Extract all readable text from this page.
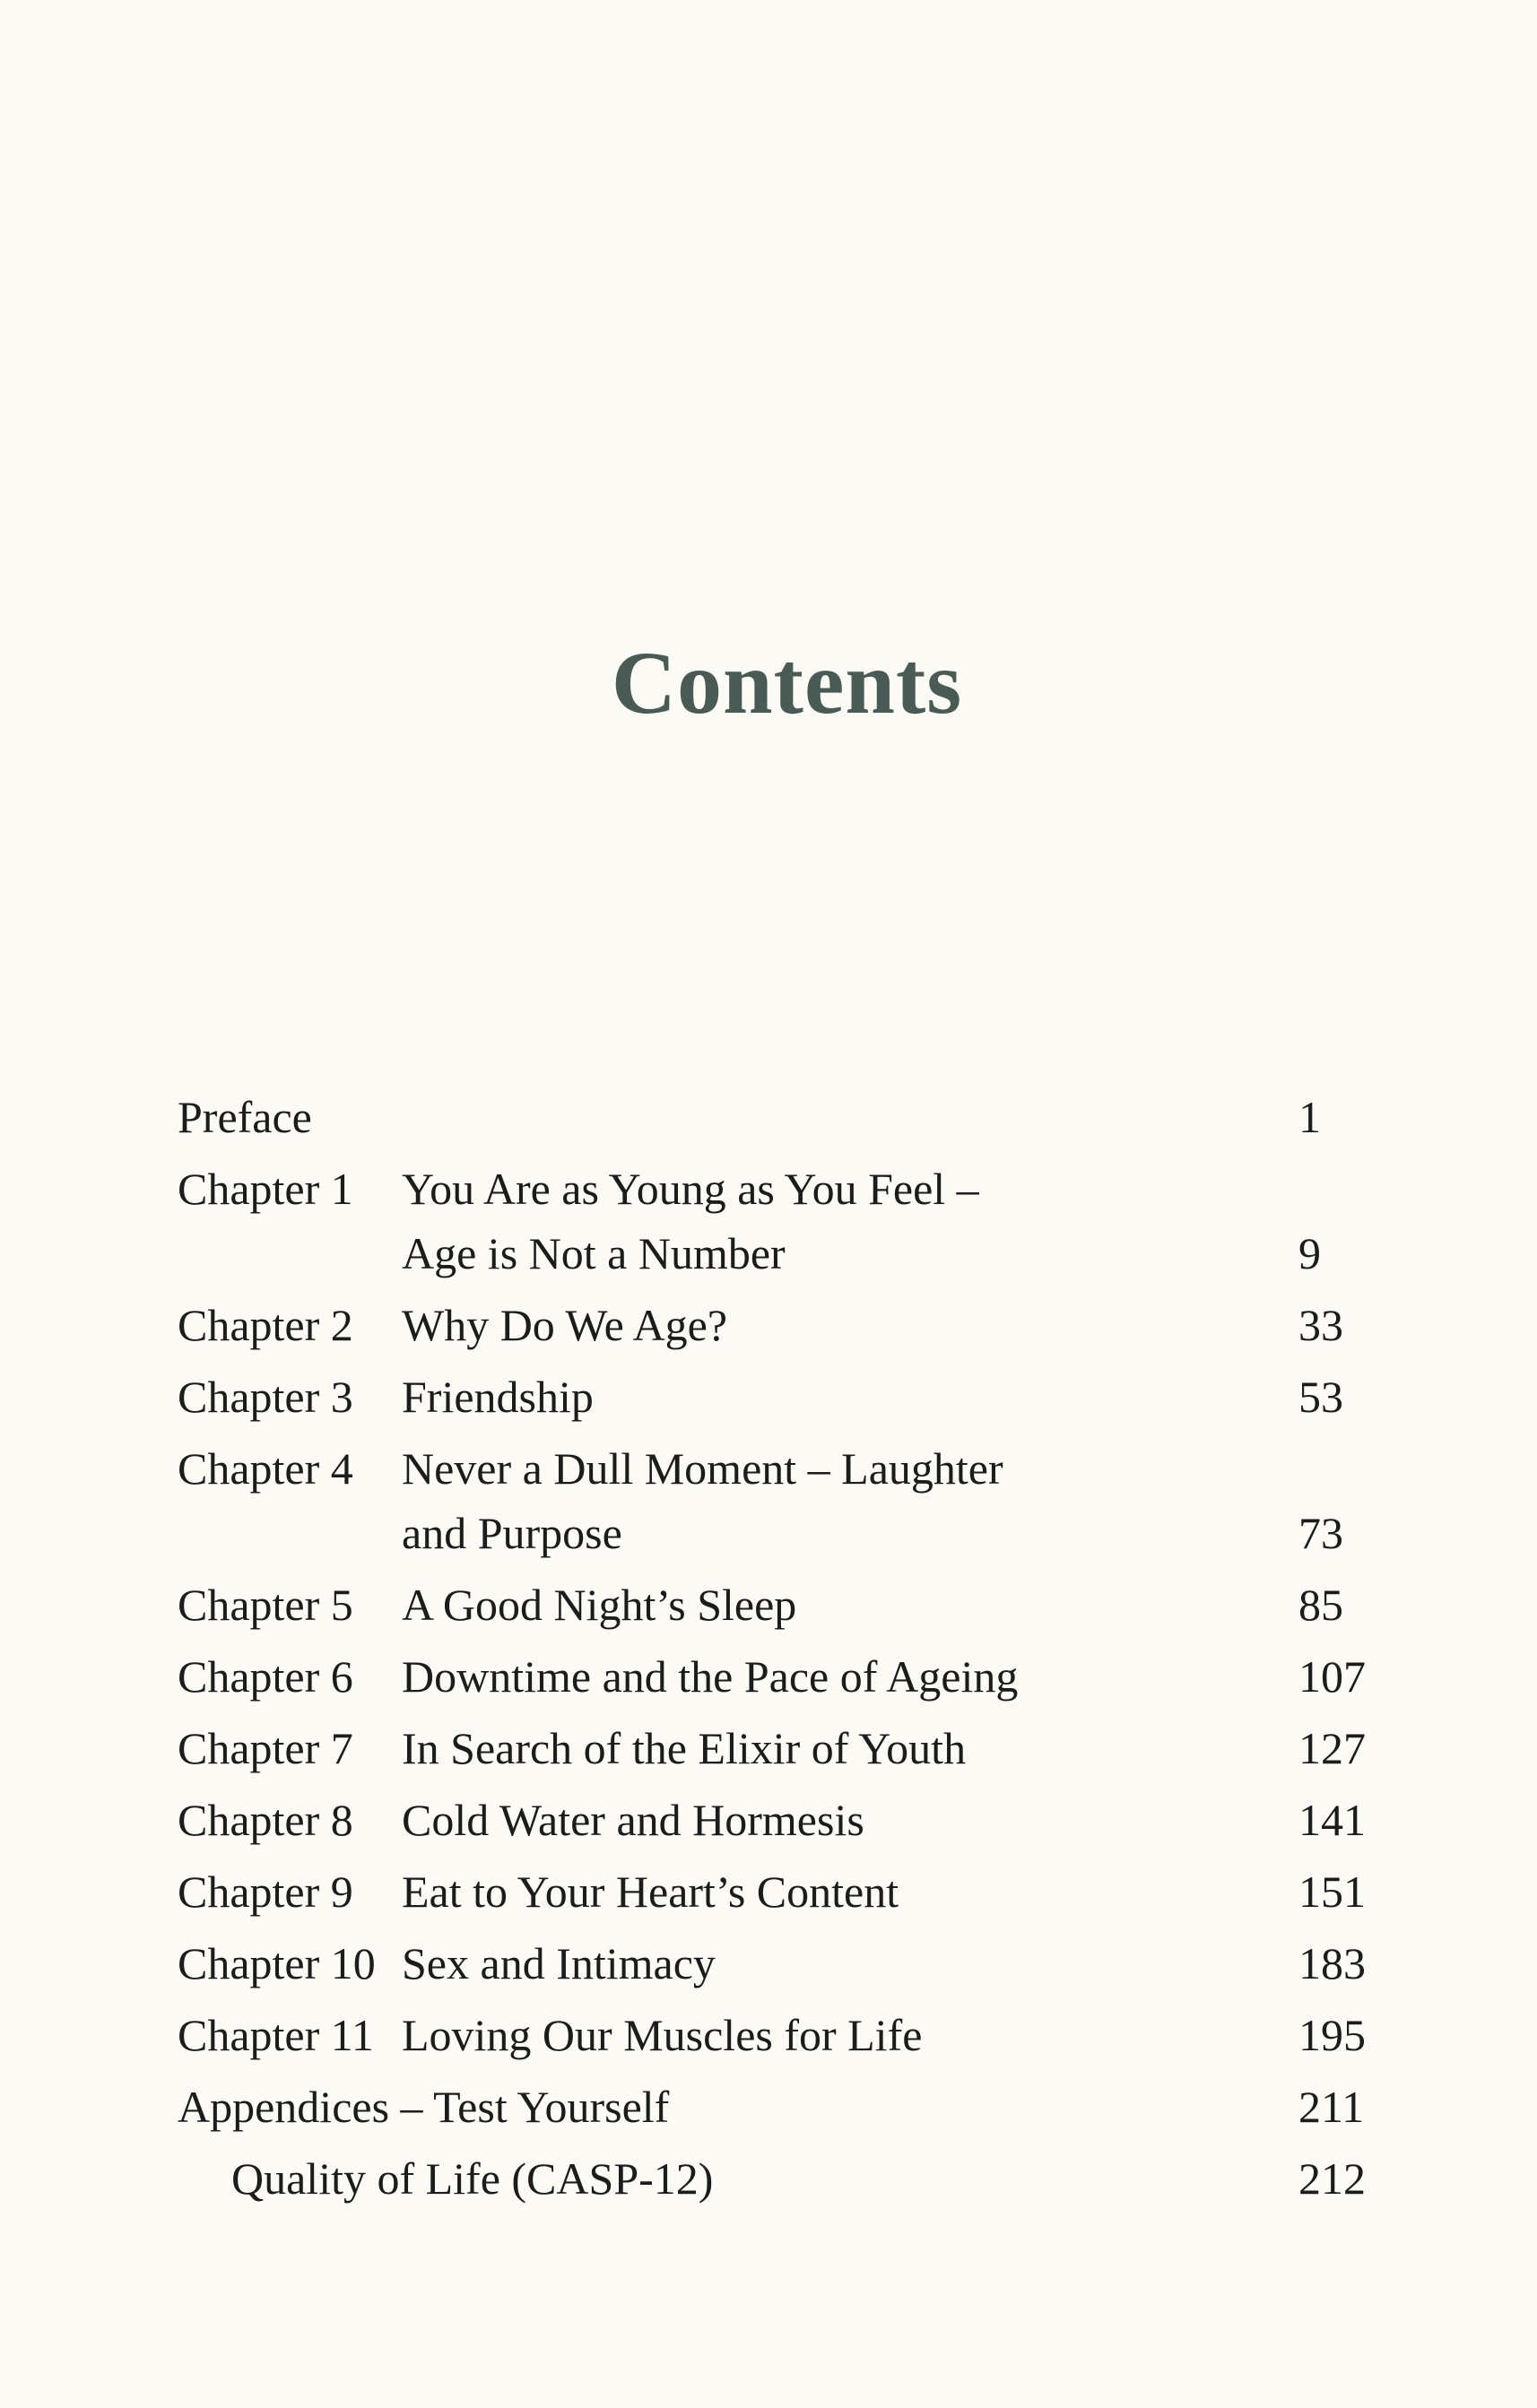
Contents
Preface	1
Chapter 1 You Are as Young as You Feel –
Age is Not a Number	9
Chapter 2 Why Do We Age?	33
Chapter 3 Friendship	53
Chapter 4 Never a Dull Moment – Laughter
and Purpose	73
Chapter 5 A Good Night’s Sleep	85
Chapter 6 Downtime and the Pace of Ageing	107
Chapter 7 In Search of the Elixir of Youth	127
Chapter 8 Cold Water and Hormesis	141
Chapter 9 Eat to Your Heart’s Content	151
Chapter 10 Sex and Intimacy	183
Chapter 11 Loving Our Muscles for Life	195
Appendices – Test Yourself	211
Quality of Life (CASP-12)	212
